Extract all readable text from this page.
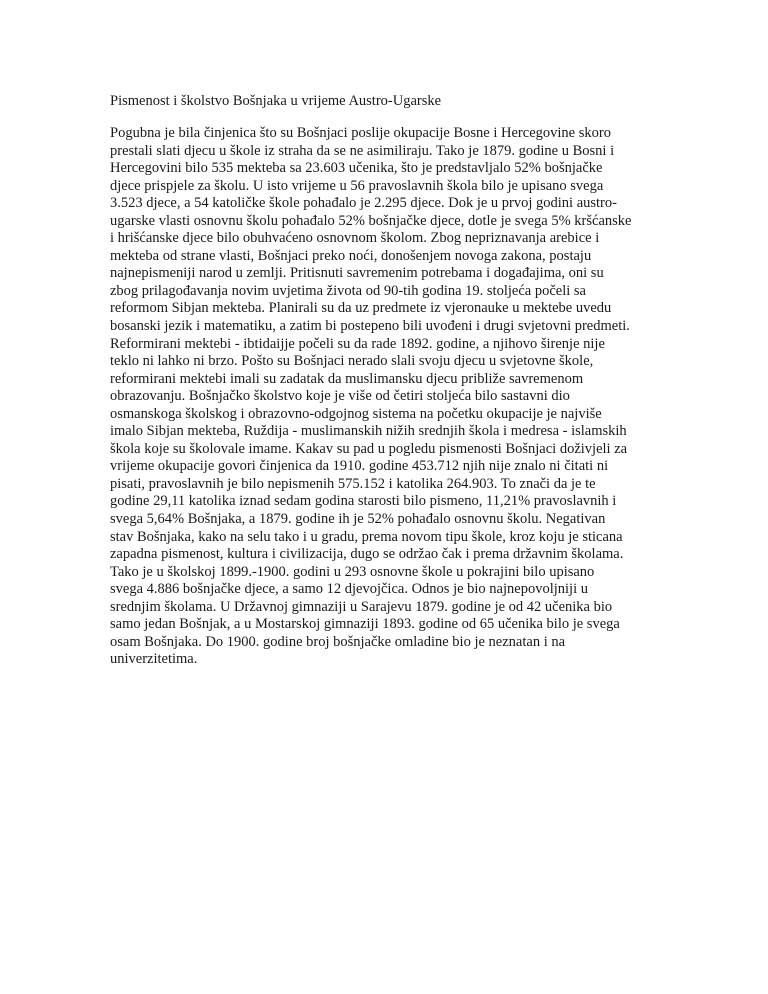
Pismenost i školstvo Bošnjaka u vrijeme Austro-Ugarske
Pogubna je bila činjenica što su Bošnjaci poslije okupacije Bosne i Hercegovine skoro
prestali slati djecu u škole iz straha da se ne asimiliraju. Tako je 1879. godine u Bosni i
Hercegovini bilo 535 mekteba sa 23.603 učenika, što je predstavljalo 52% bošnjačke
djece prispjele za školu. U isto vrijeme u 56 pravoslavnih škola bilo je upisano svega
3.523 djece, a 54 katoličke škole pohađalo je 2.295 djece. Dok je u prvoj godini austro-
ugarske vlasti osnovnu školu pohađalo 52% bošnjačke djece, dotle je svega 5% kršćanske
i hrišćanske djece bilo obuhvaćeno osnovnom školom. Zbog nepriznavanja arebice i
mekteba od strane vlasti, Bošnjaci preko noći, donošenjem novoga zakona, postaju
najnepismeniji narod u zemlji. Pritisnuti savremenim potrebama i događajima, oni su
zbog prilagođavanja novim uvjetima života od 90-tih godina 19. stoljeća počeli sa
reformom Sibjan mekteba. Planirali su da uz predmete iz vjeronauke u mektebe uvedu
bosanski jezik i matematiku, a zatim bi postepeno bili uvođeni i drugi svjetovni predmeti.
Reformirani mektebi - ibtidaijje počeli su da rade 1892. godine, a njihovo širenje nije
teklo ni lahko ni brzo. Pošto su Bošnjaci nerado slali svoju djecu u svjetovne škole,
reformirani mektebi imali su zadatak da muslimansku djecu približe savremenom
obrazovanju. Bošnjačko školstvo koje je više od četiri stoljeća bilo sastavni dio
osmanskoga školskog i obrazovno-odgojnog sistema na početku okupacije je najviše
imalo Sibjan mekteba, Ruždija - muslimanskih nižih srednjih škola i medresa - islamskih
škola koje su školovale imame. Kakav su pad u pogledu pismenosti Bošnjaci doživjeli za
vrijeme okupacije govori činjenica da 1910. godine 453.712 njih nije znalo ni čitati ni
pisati, pravoslavnih je bilo nepismenih 575.152 i katolika 264.903. To znači da je te
godine 29,11 katolika iznad sedam godina starosti bilo pismeno, 11,21% pravoslavnih i
svega 5,64% Bošnjaka, a 1879. godine ih je 52% pohađalo osnovnu školu. Negativan
stav Bošnjaka, kako na selu tako i u gradu, prema novom tipu škole, kroz koju je sticana
zapadna pismenost, kultura i civilizacija, dugo se održao čak i prema državnim školama.
Tako je u školskoj 1899.-1900. godini u 293 osnovne škole u pokrajini bilo upisano
svega 4.886 bošnjačke djece, a samo 12 djevojčica. Odnos je bio najnepovoljniji u
srednjim školama. U Državnoj gimnaziji u Sarajevu 1879. godine je od 42 učenika bio
samo jedan Bošnjak, a u Mostarskoj gimnaziji 1893. godine od 65 učenika bilo je svega
osam Bošnjaka. Do 1900. godine broj bošnjačke omladine bio je neznatan i na
univerzitetima.
